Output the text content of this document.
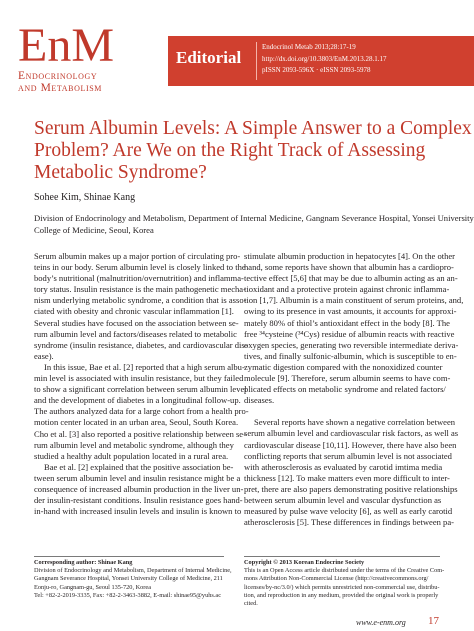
EnM
Endocrinology
and Metabolism
Editorial
Endocrinol Metab 2013;28:17-19
http://dx.doi.org/10.3803/EnM.2013.28.1.17
pISSN 2093-596X · eISSN 2093-5978
Serum Albumin Levels: A Simple Answer to a Complex
Problem? Are We on the Right Track of Assessing
Metabolic Syndrome?
Sohee Kim, Shinae Kang
Division of Endocrinology and Metabolism, Department of Internal Medicine, Gangnam Severance Hospital, Yonsei University
College of Medicine, Seoul, Korea
Serum albumin makes up a major portion of circulating pro-
teins in our body. Serum albumin level is closely linked to the
body’s nutritional (malnutrition/overnutrition) and inflamma-
tory status. Insulin resistance is the main pathogenetic mecha-
nism underlying metabolic syndrome, a condition that is asso-
ciated with obesity and chronic vascular inflammation [1].
Several studies have focused on the association between se-
rum albumin level and factors/diseases related to metabolic
syndrome (insulin resistance, diabetes, and cardiovascular dis-
ease).
In this issue, Bae et al. [2] reported that a high serum albu-
min level is associated with insulin resistance, but they failed
to show a significant correlation between serum albumin level
and the development of diabetes in a longitudinal follow-up.
The authors analyzed data for a large cohort from a health pro-
motion center located in an urban area, Seoul, South Korea.
Cho et al. [3] also reported a positive relationship between se-
rum albumin level and metabolic syndrome, although they
studied a healthy adult population located in a rural area.
Bae et al. [2] explained that the positive association be-
tween serum albumin level and insulin resistance might be a
consequence of increased albumin production in the liver un-
der insulin-resistant conditions. Insulin resistance goes hand-
in-hand with increased insulin levels and insulin is known to
stimulate albumin production in hepatocytes [4]. On the other
hand, some reports have shown that albumin has a cardiopro-
tective effect [5,6] that may be due to albumin acting as an an-
tioxidant and a protective protein against chronic inflamma-
tion [1,7]. Albumin is a main constituent of serum proteins, and,
owing to its presence in vast amounts, it accounts for approxi-
mately 80% of thiol’s antioxidant effect in the body [8]. The
free ³⁴cysteine (³⁴Cys) residue of albumin reacts with reactive
oxygen species, generating two reversible intermediate deriva-
tives, and finally sulfonic-albumin, which is susceptible to en-
zymatic digestion compared with the nonoxidized counter
molecule [9]. Therefore, serum albumin seems to have com-
plicated effects on metabolic syndrome and related factors/
diseases.
Several reports have shown a negative correlation between
serum albumin level and cardiovascular risk factors, as well as
cardiovascular disease [10,11]. However, there have also been
conflicting reports that serum albumin level is not associated
with atherosclerosis as evaluated by carotid imtima media
thickness [12]. To make matters even more difficult to inter-
pret, there are also papers demonstrating positive relationships
between serum albumin level and vascular dysfunction as
measured by pulse wave velocity [6], as well as early carotid
atherosclerosis [5]. These differences in findings between pa-
Corresponding author: Shinae Kang
Division of Endocrinology and Metabolism, Department of Internal Medicine,
Gangnam Severance Hospital, Yonsei University College of Medicine, 211
Eonju-ro, Gangnam-gu, Seoul 135-720, Korea
Tel: +82-2-2019-3335, Fax: +82-2-3463-3882, E-mail: shinae95@yuhs.ac
Copyright © 2013 Korean Endocrine Society
This is an Open Access article distributed under the terms of the Creative Com-
mons Attribution Non-Commercial License (http://creativecommons.org/
licenses/by-nc/3.0/) which permits unrestricted non-commercial use, distribu-
tion, and reproduction in any medium, provided the original work is properly
cited.
www.e-enm.org 17
